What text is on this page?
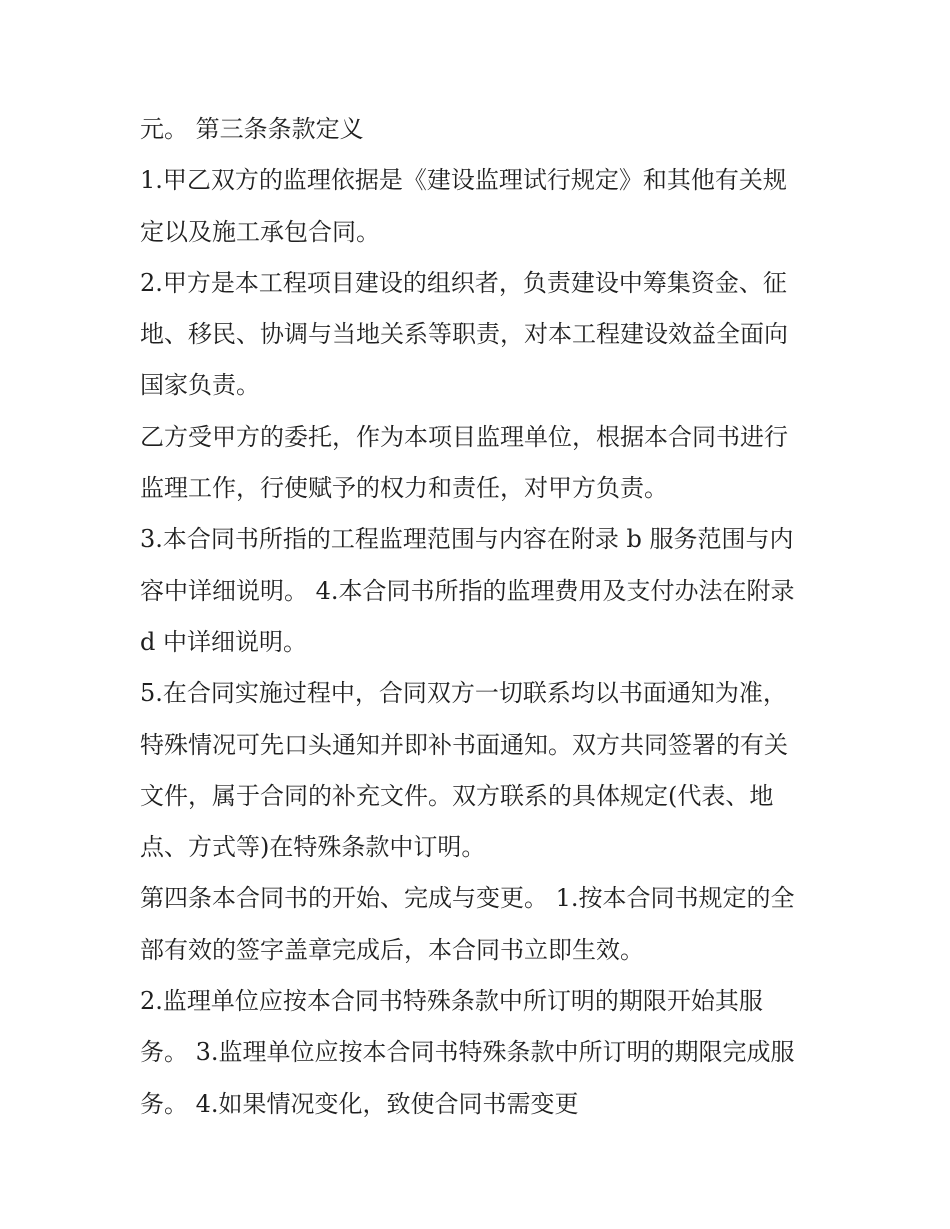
元。 第三条条款定义
1.甲乙双方的监理依据是《建设监理试行规定》和其他有关规
定以及施工承包合同。
2.甲方是本工程项目建设的组织者，负责建设中筹集资金、征
地、移民、协调与当地关系等职责，对本工程建设效益全面向
国家负责。
乙方受甲方的委托，作为本项目监理单位，根据本合同书进行
监理工作，行使赋予的权力和责任，对甲方负责。
3.本合同书所指的工程监理范围与内容在附录 b 服务范围与内
容中详细说明。 4.本合同书所指的监理费用及支付办法在附录
d 中详细说明。
5.在合同实施过程中，合同双方一切联系均以书面通知为准，
特殊情况可先口头通知并即补书面通知。双方共同签署的有关
文件，属于合同的补充文件。双方联系的具体规定(代表、地
点、方式等)在特殊条款中订明。
第四条本合同书的开始、完成与变更。 1.按本合同书规定的全
部有效的签字盖章完成后，本合同书立即生效。
2.监理单位应按本合同书特殊条款中所订明的期限开始其服
务。 3.监理单位应按本合同书特殊条款中所订明的期限完成服
务。 4.如果情况变化，致使合同书需变更
